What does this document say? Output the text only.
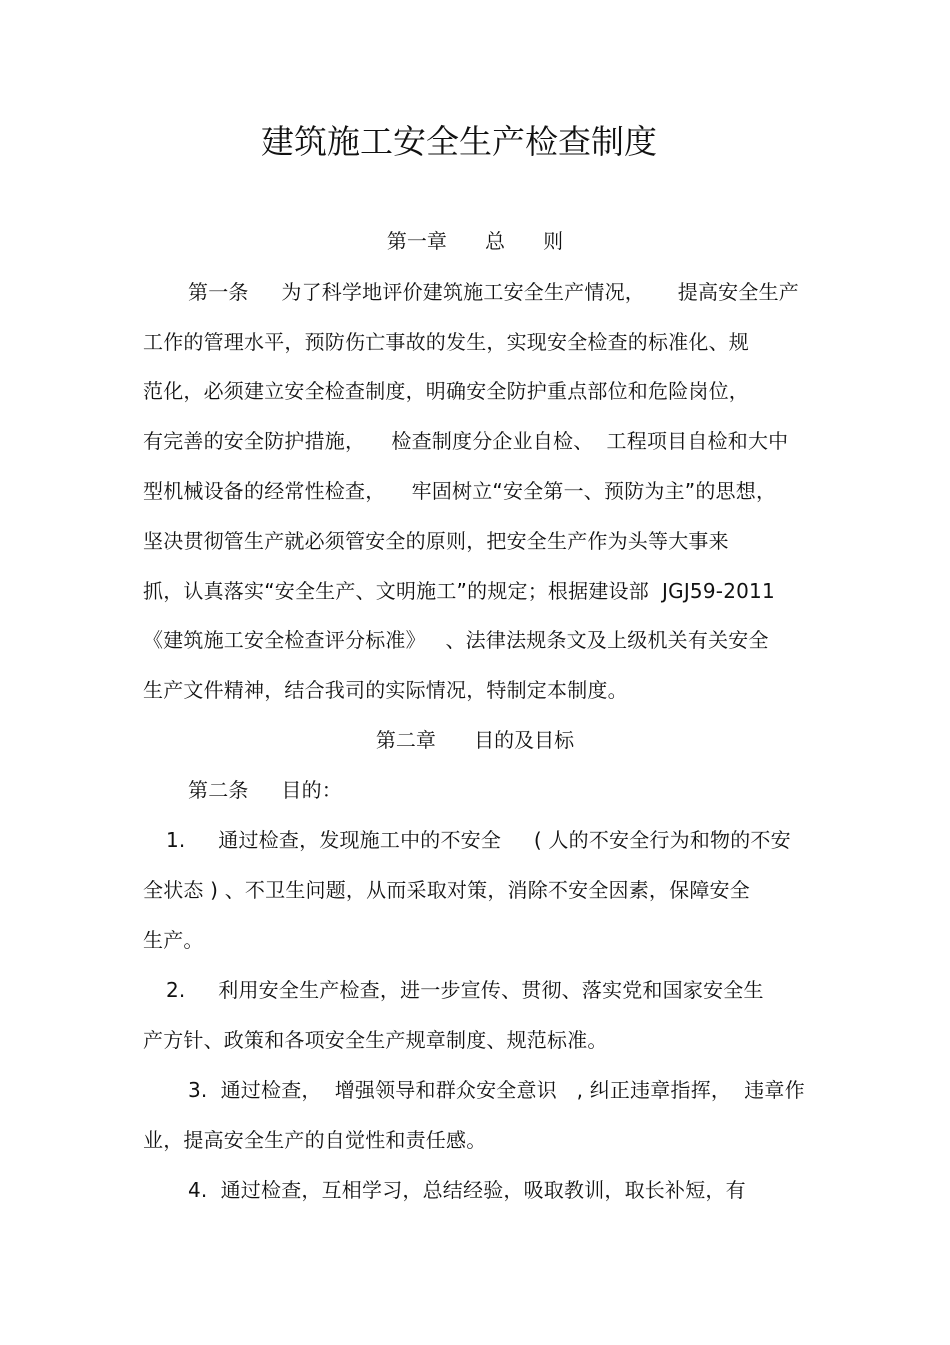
建筑施工安全生产检查制度
第一章      总      则
第一条     为了科学地评价建筑施工安全生产情况，     提高安全生产
工作的管理水平，预防伤亡事故的发生，实现安全检查的标准化、规
范化，必须建立安全检查制度，明确安全防护重点部位和危险岗位，
有完善的安全防护措施，    检查制度分企业自检、  工程项目自检和大中
型机械设备的经常性检查，    牢固树立“安全第一、预防为主”的思想，
坚决贯彻管生产就必须管安全的原则，把安全生产作为头等大事来
抓，认真落实“安全生产、文明施工”的规定；根据建设部  JGJ59-2011
《建筑施工安全检查评分标准》   、法律法规条文及上级机关有关安全
生产文件精神，结合我司的实际情况，特制定本制度。
第二章      目的及目标
第二条     目的：
1.     通过检查，发现施工中的不安全     ( 人的不安全行为和物的不安
全状态 ) 、不卫生问题，从而采取对策，消除不安全因素，保障安全
生产。
2.     利用安全生产检查，进一步宣传、贯彻、落实党和国家安全生
产方针、政策和各项安全生产规章制度、规范标准。
3.  通过检查，  增强领导和群众安全意识   , 纠正违章指挥，  违章作
业，提高安全生产的自觉性和责任感。
4.  通过检查，互相学习，总结经验，吸取教训，取长补短，有
